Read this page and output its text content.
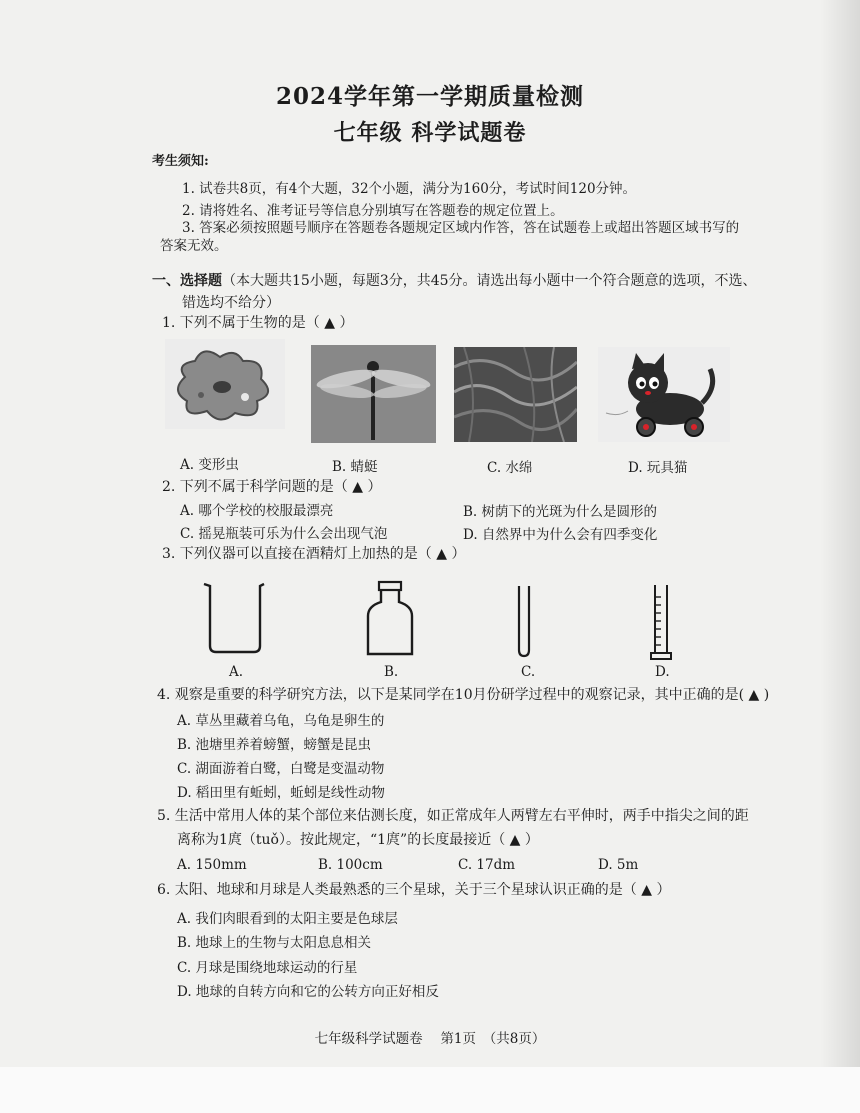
2024学年第一学期质量检测
七年级 科学试题卷
考生须知:
1. 试卷共8页，有4个大题，32个小题，满分为160分，考试时间120分钟。
2. 请将姓名、准考证号等信息分别填写在答题卷的规定位置上。
3. 答案必须按照题号顺序在答题卷各题规定区域内作答，答在试题卷上或超出答题区域书写的
答案无效。
一、选择题（本大题共15小题，每题3分，共45分。请选出每小题中一个符合题意的选项，不选、
错选均不给分）
1. 下列不属于生物的是（ ▲ ）
A. 变形虫	B. 蜻蜓	C. 水绵	D. 玩具猫
2. 下列不属于科学问题的是（ ▲ ）
A. 哪个学校的校服最漂亮	B. 树荫下的光斑为什么是圆形的
C. 摇晃瓶装可乐为什么会出现气泡	D. 自然界中为什么会有四季变化
3. 下列仪器可以直接在酒精灯上加热的是（ ▲ ）
A.	B.	C.	D.
4. 观察是重要的科学研究方法，以下是某同学在10月份研学过程中的观察记录，其中正确的是( ▲ )
A. 草丛里藏着乌龟，乌龟是卵生的
B. 池塘里养着螃蟹，螃蟹是昆虫
C. 湖面游着白鹭，白鹭是变温动物
D. 稻田里有蚯蚓，蚯蚓是线性动物
5. 生活中常用人体的某个部位来估测长度，如正常成年人两臂左右平伸时，两手中指尖之间的距
离称为1庹（tuǒ）。按此规定，“1庹”的长度最接近（ ▲ ）
A. 150mm	B. 100cm	C. 17dm	D. 5m
6. 太阳、地球和月球是人类最熟悉的三个星球，关于三个星球认识正确的是（ ▲ ）
A. 我们肉眼看到的太阳主要是色球层
B. 地球上的生物与太阳息息相关
C. 月球是围绕地球运动的行星
D. 地球的自转方向和它的公转方向正好相反
七年级科学试题卷　 第1页　（共8页）
